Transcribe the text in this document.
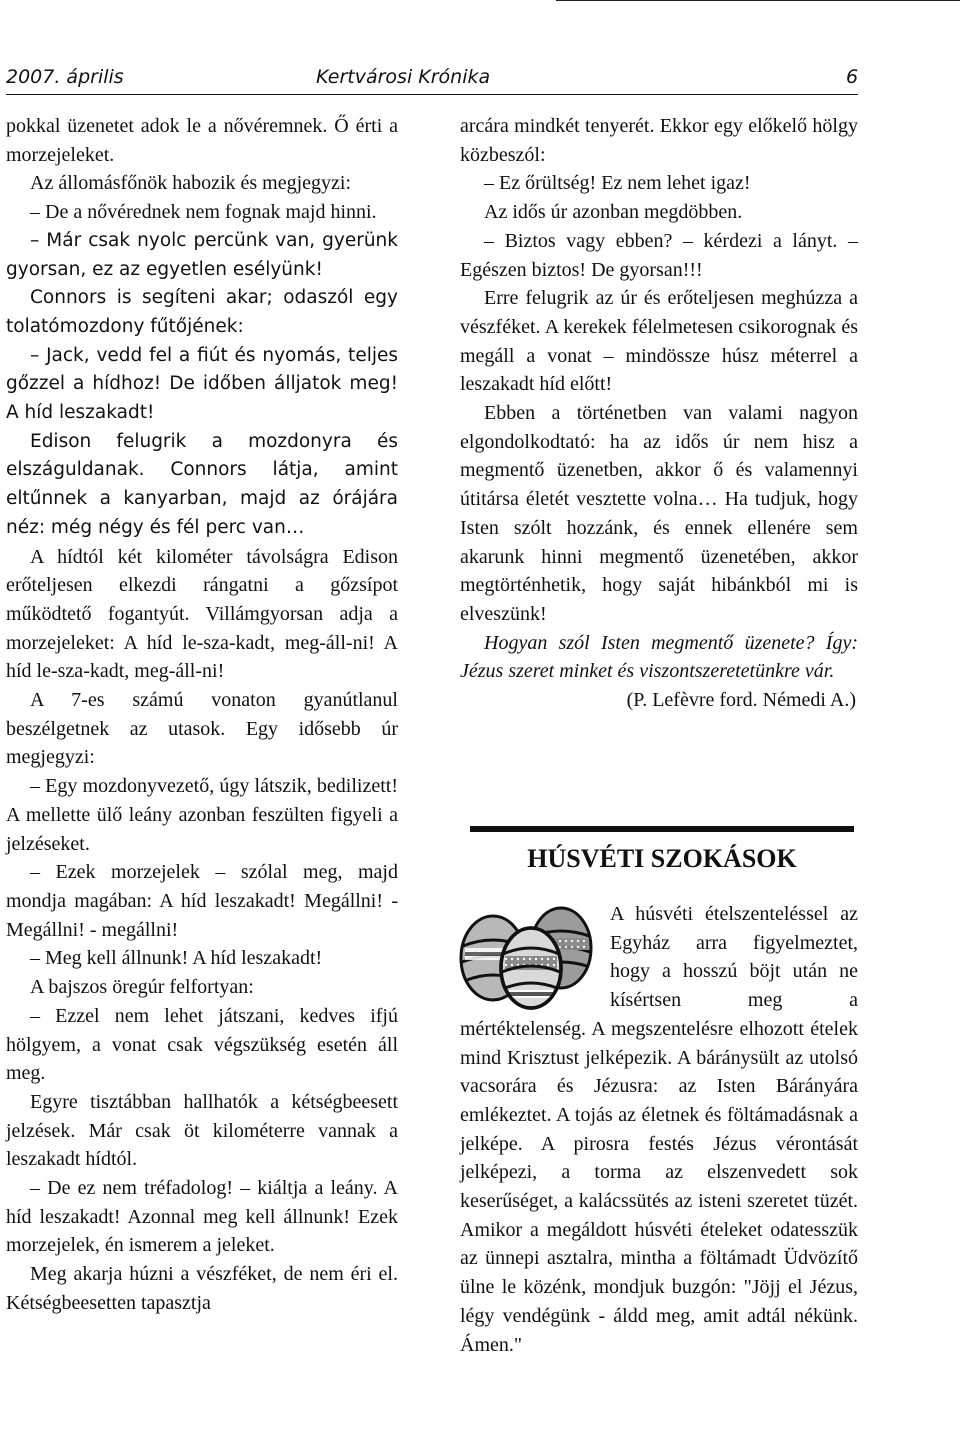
2007. április	Kertvárosi Krónika	6

pokkal üzenetet adok le a nővéremnek. Ő érti a morzejeleket.

Az állomásfőnök habozik és megjegyzi:

– De a nővérednek nem fognak majd hinni.

– Már csak nyolc percünk van, gyerünk gyorsan, ez az egyetlen esélyünk!

Connors is segíteni akar; odaszól egy tolatómozdony fűtőjének:

– Jack, vedd fel a fiút és nyomás, teljes gőzzel a hídhoz! De időben álljatok meg! A híd leszakadt!

Edison felugrik a mozdonyra és elszáguldanak. Connors látja, amint eltűnnek a kanyarban, majd az órájára néz: még négy és fél perc van…

A hídtól két kilométer távolságra Edison erőteljesen elkezdi rángatni a gőzsípot működtető fogantyút. Villámgyorsan adja a morzejeleket: A híd le-sza-kadt, meg-áll-ni! A híd le-sza-kadt, meg-áll-ni!

A 7-es számú vonaton gyanútlanul beszélgetnek az utasok. Egy idősebb úr megjegyzi:

– Egy mozdonyvezető, úgy látszik, bedilizett! A mellette ülő leány azonban feszülten figyeli a jelzéseket.

– Ezek morzejelek – szólal meg, majd mondja magában: A híd leszakadt! Megállni! - Megállni! - megállni!

– Meg kell állnunk! A híd leszakadt!

A bajszos öregúr felfortyan:

– Ezzel nem lehet játszani, kedves ifjú hölgyem, a vonat csak végszükség esetén áll meg.

Egyre tisztábban hallhatók a kétségbeesett jelzések. Már csak öt kilométerre vannak a leszakadt hídtól.

– De ez nem tréfadolog! – kiáltja a leány. A híd leszakadt! Azonnal meg kell állnunk! Ezek morzejelek, én ismerem a jeleket.

Meg akarja húzni a vészféket, de nem éri el. Kétségbeesetten tapasztja

arcára mindkét tenyerét. Ekkor egy előkelő hölgy közbeszól:

– Ez őrültség! Ez nem lehet igaz!

Az idős úr azonban megdöbben.

– Biztos vagy ebben? – kérdezi a lányt. – Egészen biztos! De gyorsan!!!

Erre felugrik az úr és erőteljesen meghúzza a vészféket. A kerekek félelmetesen csikorognak és megáll a vonat – mindössze húsz méterrel a leszakadt híd előtt!

Ebben a történetben van valami nagyon elgondolkodtató: ha az idős úr nem hisz a megmentő üzenetben, akkor ő és valamennyi útitársa életét vesztette volna… Ha tudjuk, hogy Isten szólt hozzánk, és ennek ellenére sem akarunk hinni megmentő üzenetében, akkor megtörténhetik, hogy saját hibánkból mi is elveszünk!

Hogyan szól Isten megmentő üzenete? Így: Jézus szeret minket és viszontszeretetünkre vár.

(P. Lefèvre ford. Némedi A.)

HÚSVÉTI SZOKÁSOK

A húsvéti ételszenteléssel az Egyház arra figyelmeztet, hogy a hosszú böjt után ne kísértsen meg a mértéktelenség. A megszentelésre elhozott ételek mind Krisztust jelképezik. A báránysült az utolsó vacsorára és Jézusra: az Isten Bárányára emlékeztet. A tojás az életnek és föltámadásnak a jelképe. A pirosra festés Jézus vérontását jelképezi, a torma az elszenvedett sok keserűséget, a kalácssütés az isteni szeretet tüzét. Amikor a megáldott húsvéti ételeket odatesszük az ünnepi asztalra, mintha a föltámadt Üdvözítő ülne le közénk, mondjuk buzgón: "Jöjj el Jézus, légy vendégünk - áldd meg, amit adtál nékünk. Ámen."
